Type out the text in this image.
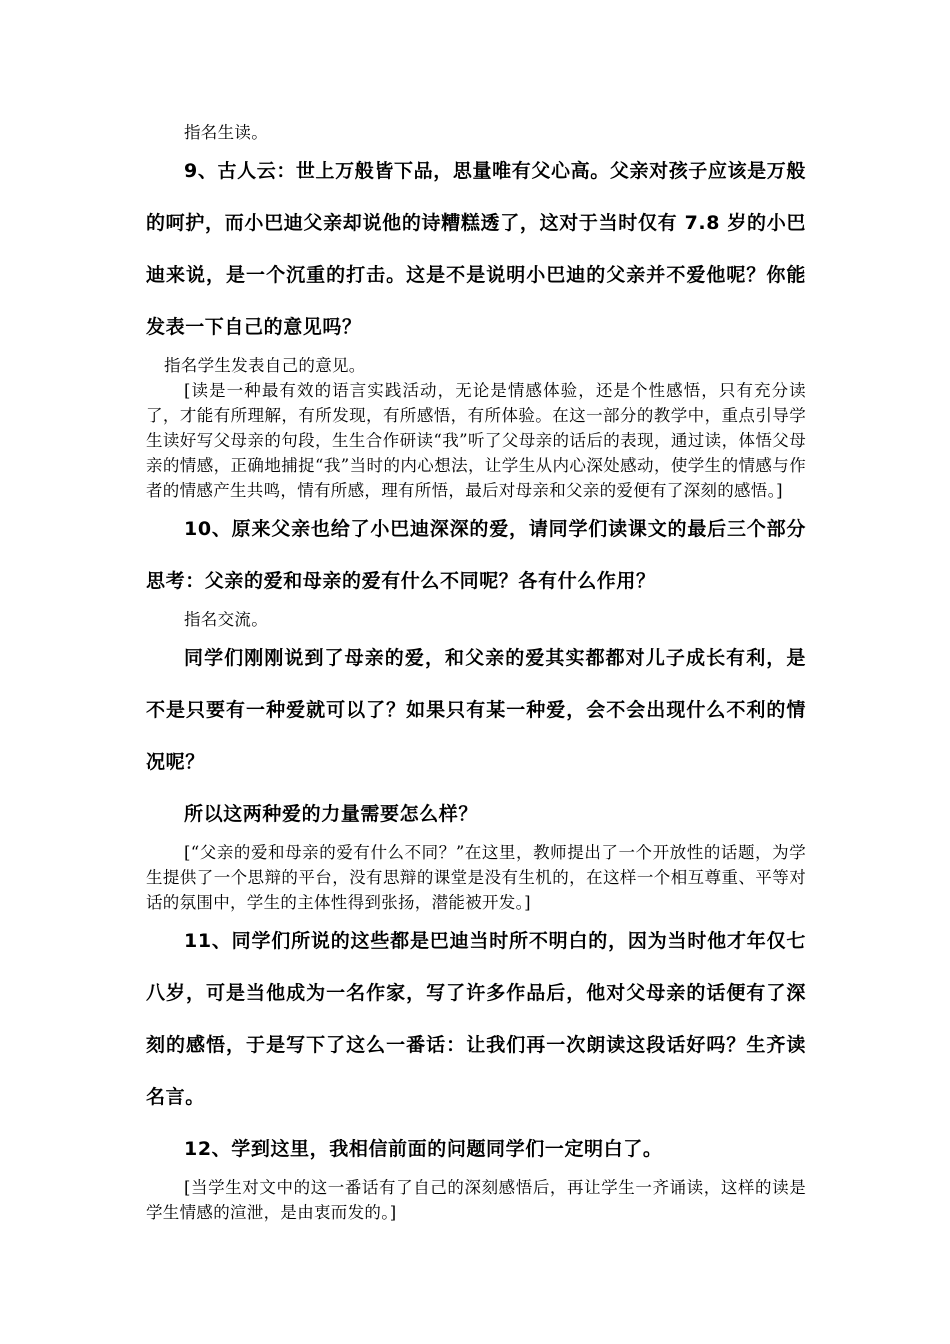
指名生读。

9、古人云：世上万般皆下品，思量唯有父心高。父亲对孩子应该是万般的呵护，而小巴迪父亲却说他的诗糟糕透了，这对于当时仅有 7.8 岁的小巴迪来说，是一个沉重的打击。这是不是说明小巴迪的父亲并不爱他呢？你能发表一下自己的意见吗？

指名学生发表自己的意见。

[读是一种最有效的语言实践活动，无论是情感体验，还是个性感悟，只有充分读了，才能有所理解，有所发现，有所感悟，有所体验。在这一部分的教学中，重点引导学生读好写父母亲的句段，生生合作研读“我”听了父母亲的话后的表现，通过读，体悟父母亲的情感，正确地捕捉“我”当时的内心想法，让学生从内心深处感动，使学生的情感与作者的情感产生共鸣，情有所感，理有所悟，最后对母亲和父亲的爱便有了深刻的感悟。]

10、原来父亲也给了小巴迪深深的爱，请同学们读课文的最后三个部分思考：父亲的爱和母亲的爱有什么不同呢？各有什么作用？

指名交流。

同学们刚刚说到了母亲的爱，和父亲的爱其实都都对儿子成长有利，是不是只要有一种爱就可以了？如果只有某一种爱，会不会出现什么不利的情况呢？

所以这两种爱的力量需要怎么样？

[“父亲的爱和母亲的爱有什么不同？”在这里，教师提出了一个开放性的话题，为学生提供了一个思辩的平台，没有思辩的课堂是没有生机的，在这样一个相互尊重、平等对话的氛围中，学生的主体性得到张扬，潜能被开发。]

11、同学们所说的这些都是巴迪当时所不明白的，因为当时他才年仅七八岁，可是当他成为一名作家，写了许多作品后，他对父母亲的话便有了深刻的感悟，于是写下了这么一番话：让我们再一次朗读这段话好吗？生齐读名言。

12、学到这里，我相信前面的问题同学们一定明白了。

[当学生对文中的这一番话有了自己的深刻感悟后，再让学生一齐诵读，这样的读是学生情感的渲泄，是由衷而发的。]
